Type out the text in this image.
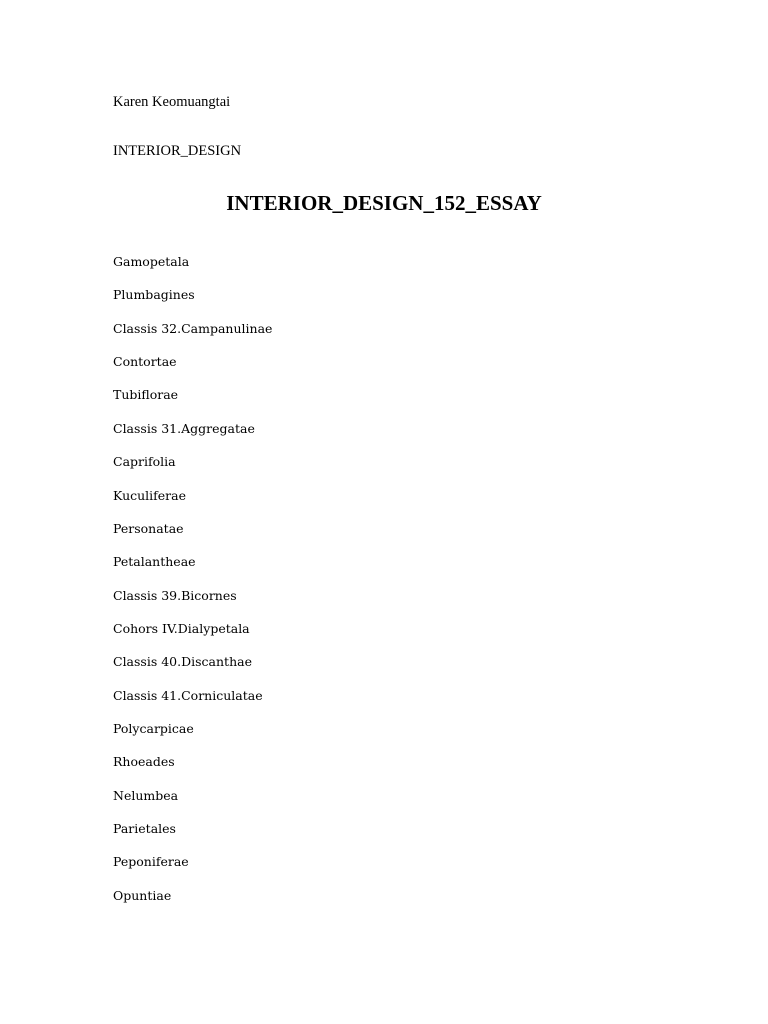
Karen Keomuangtai
INTERIOR_DESIGN
INTERIOR_DESIGN_152_ESSAY
Gamopetala
Plumbagines
Classis 32.Campanulinae
Contortae
Tubiflorae
Classis 31.Aggregatae
Caprifolia
Kuculiferae
Personatae
Petalantheae
Classis 39.Bicornes
Cohors IV.Dialypetala
Classis 40.Discanthae
Classis 41.Corniculatae
Polycarpicae
Rhoeades
Nelumbea
Parietales
Peponiferae
Opuntiae
